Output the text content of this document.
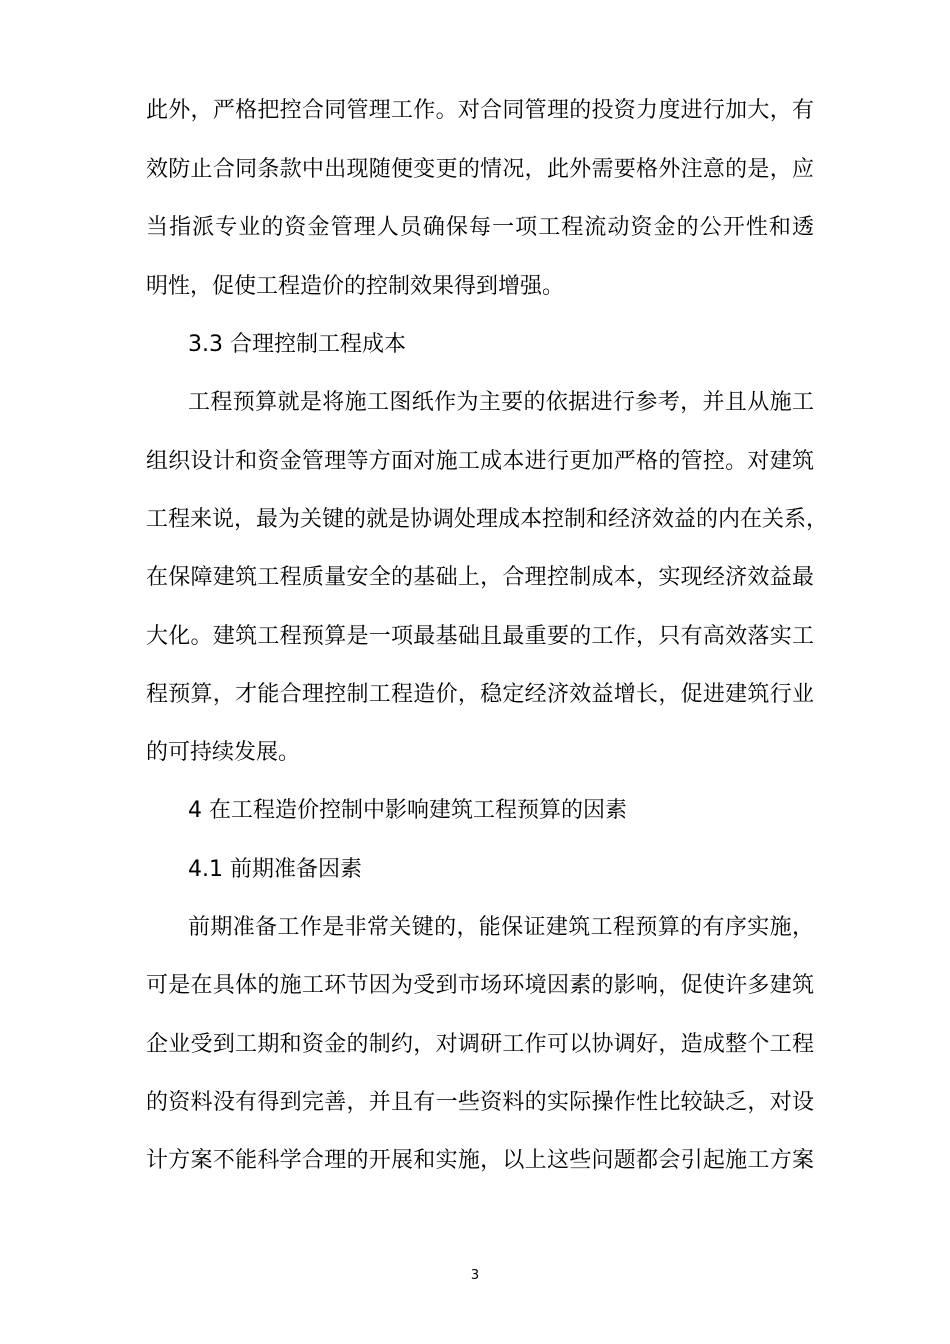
此外，严格把控合同管理工作。对合同管理的投资力度进行加大，有
效防止合同条款中出现随便变更的情况，此外需要格外注意的是，应
当指派专业的资金管理人员确保每一项工程流动资金的公开性和透
明性，促使工程造价的控制效果得到增强。
3.3 合理控制工程成本
工程预算就是将施工图纸作为主要的依据进行参考，并且从施工
组织设计和资金管理等方面对施工成本进行更加严格的管控。对建筑
工程来说，最为关键的就是协调处理成本控制和经济效益的内在关系，
在保障建筑工程质量安全的基础上，合理控制成本，实现经济效益最
大化。建筑工程预算是一项最基础且最重要的工作，只有高效落实工
程预算，才能合理控制工程造价，稳定经济效益增长，促进建筑行业
的可持续发展。
4 在工程造价控制中影响建筑工程预算的因素
4.1 前期准备因素
前期准备工作是非常关键的，能保证建筑工程预算的有序实施，
可是在具体的施工环节因为受到市场环境因素的影响，促使许多建筑
企业受到工期和资金的制约，对调研工作可以协调好，造成整个工程
的资料没有得到完善，并且有一些资料的实际操作性比较缺乏，对设
计方案不能科学合理的开展和实施，以上这些问题都会引起施工方案
3
